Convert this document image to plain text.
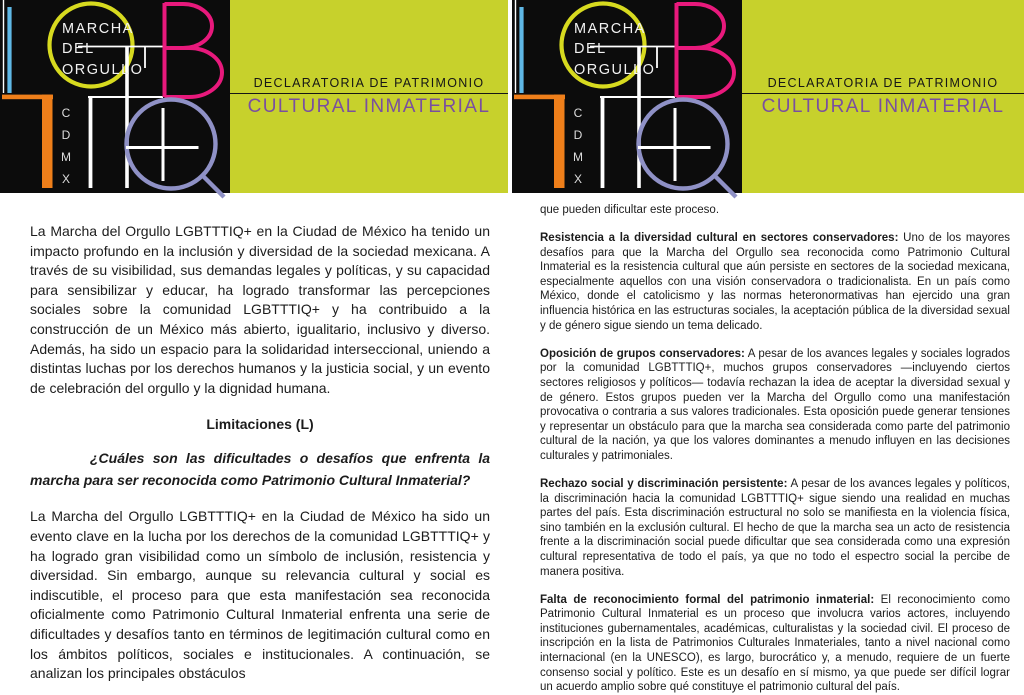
MARCHA
DEL
ORGULLO
C
D
M
X
DECLARATORIA DE PATRIMONIO
CULTURAL INMATERIAL

La Marcha del Orgullo LGBTTTIQ+ en la Ciudad de México ha tenido un impacto profundo en la inclusión y diversidad de la sociedad mexicana. A través de su visibilidad, sus demandas legales y políticas, y su capacidad para sensibilizar y educar, ha logrado transformar las percepciones sociales sobre la comunidad LGBTTTIQ+ y ha contribuido a la construcción de un México más abierto, igualitario, inclusivo y diverso. Además, ha sido un espacio para la solidaridad interseccional, uniendo a distintas luchas por los derechos humanos y la justicia social, y un evento de celebración del orgullo y la dignidad humana.

Limitaciones (L)

¿Cuáles son las dificultades o desafíos que enfrenta la marcha para ser reconocida como Patrimonio Cultural Inmaterial?

La Marcha del Orgullo LGBTTTIQ+ en la Ciudad de México ha sido un evento clave en la lucha por los derechos de la comunidad LGBTTTIQ+ y ha logrado gran visibilidad como un símbolo de inclusión, resistencia y diversidad. Sin embargo, aunque su relevancia cultural y social es indiscutible, el proceso para que esta manifestación sea reconocida oficialmente como Patrimonio Cultural Inmaterial enfrenta una serie de dificultades y desafíos tanto en términos de legitimación cultural como en los ámbitos políticos, sociales e institucionales. A continuación, se analizan los principales obstáculos

MARCHA
DEL
ORGULLO
C
D
M
X
DECLARATORIA DE PATRIMONIO
CULTURAL INMATERIAL

que pueden dificultar este proceso.

Resistencia a la diversidad cultural en sectores conservadores: Uno de los mayores desafíos para que la Marcha del Orgullo sea reconocida como Patrimonio Cultural Inmaterial es la resistencia cultural que aún persiste en sectores de la sociedad mexicana, especialmente aquellos con una visión conservadora o tradicionalista. En un país como México, donde el catolicismo y las normas heteronormativas han ejercido una gran influencia histórica en las estructuras sociales, la aceptación pública de la diversidad sexual y de género sigue siendo un tema delicado.

Oposición de grupos conservadores: A pesar de los avances legales y sociales logrados por la comunidad LGBTTTIQ+, muchos grupos conservadores —incluyendo ciertos sectores religiosos y políticos— todavía rechazan la idea de aceptar la diversidad sexual y de género. Estos grupos pueden ver la Marcha del Orgullo como una manifestación provocativa o contraria a sus valores tradicionales. Esta oposición puede generar tensiones y representar un obstáculo para que la marcha sea considerada como parte del patrimonio cultural de la nación, ya que los valores dominantes a menudo influyen en las decisiones culturales y patrimoniales.

Rechazo social y discriminación persistente: A pesar de los avances legales y políticos, la discriminación hacia la comunidad LGBTTTIQ+ sigue siendo una realidad en muchas partes del país. Esta discriminación estructural no solo se manifiesta en la violencia física, sino también en la exclusión cultural. El hecho de que la marcha sea un acto de resistencia frente a la discriminación social puede dificultar que sea considerada como una expresión cultural representativa de todo el país, ya que no todo el espectro social la percibe de manera positiva.

Falta de reconocimiento formal del patrimonio inmaterial: El reconocimiento como Patrimonio Cultural Inmaterial es un proceso que involucra varios actores, incluyendo instituciones gubernamentales, académicas, culturalistas y la sociedad civil. El proceso de inscripción en la lista de Patrimonios Culturales Inmateriales, tanto a nivel nacional como internacional (en la UNESCO), es largo, burocrático y, a menudo, requiere de un fuerte consenso social y político. Este es un desafío en sí mismo, ya que puede ser difícil lograr un acuerdo amplio sobre qué constituye el patrimonio cultural del país.
